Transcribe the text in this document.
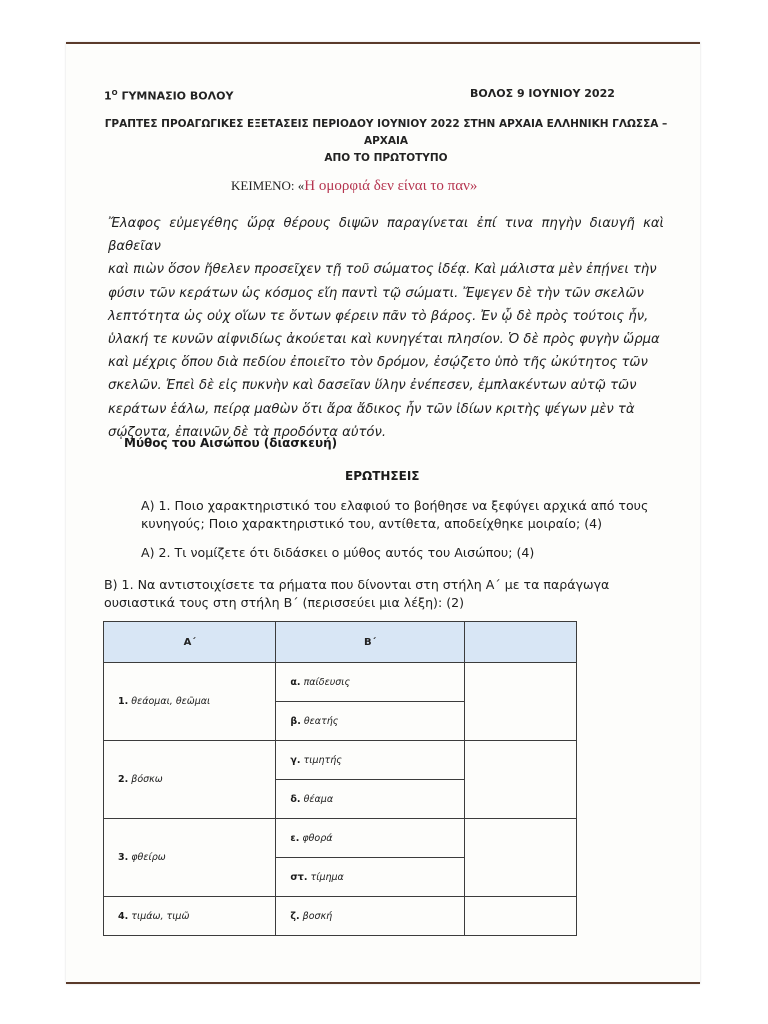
$1^O$ ΓΥΜΝΑΣΙΟ ΒΟΛΟΥ	ΒΟΛΟΣ 9 ΙΟΥΝΙΟΥ 2022
ΓΡΑΠΤΕΣ ΠΡΟΑΓΩΓΙΚΕΣ ΕΞΕΤΑΣΕΙΣ ΠΕΡΙΟΔΟΥ ΙΟΥΝΙΟΥ 2022 ΣΤΗΝ ΑΡΧΑΙΑ ΕΛΛΗΝΙΚΗ ΓΛΩΣΣΑ – ΑΡΧΑΙΑ
ΑΠΟ ΤΟ ΠΡΩΤΟΤΥΠΟ
ΚΕΙΜΕΝΟ: «Η ομορφιά δεν είναι το παν»
Ἔλαφος εὐμεγέθης ὥρᾳ θέρους διψῶν παραγίνεται ἐπί τινα πηγὴν διαυγῆ καὶ βαθεῖαν
καὶ πιὼν ὅσον ἤθελεν προσεῖχεν τῇ τοῦ σώματος ἰδέᾳ. Καὶ μάλιστα μὲν ἐπῄνει τὴν
φύσιν τῶν κεράτων ὡς κόσμος εἴη παντὶ τῷ σώματι. Ἔψεγεν δὲ τὴν τῶν σκελῶν
λεπτότητα ὡς οὐχ οἵων τε ὄντων φέρειν πᾶν τὸ βάρος. Ἐν ᾧ δὲ πρὸς τούτοις ἦν,
ὑλακή τε κυνῶν αἰφνιδίως ἀκούεται καὶ κυνηγέται πλησίον. Ὁ δὲ πρὸς φυγὴν ὥρμα
καὶ μέχρις ὅπου διὰ πεδίου ἐποιεῖτο τὸν δρόμον, ἐσῴζετο ὑπὸ τῆς ὠκύτητος τῶν
σκελῶν. Ἐπεὶ δὲ εἰς πυκνὴν καὶ δασεῖαν ὕλην ἐνέπεσεν, ἐμπλακέντων αὐτῷ τῶν
κεράτων ἑάλω, πείρᾳ μαθὼν ὅτι ἄρα ἄδικος ἦν τῶν ἰδίων κριτὴς ψέγων μὲν τὰ
σῴζοντα, ἐπαινῶν δὲ τὰ προδόντα αὐτόν.
Μύθος του Αισώπου (διασκευή)
ΕΡΩΤΗΣΕΙΣ
Α) 1. Ποιο χαρακτηριστικό του ελαφιού το βοήθησε να ξεφύγει αρχικά από τους
κυνηγούς; Ποιο χαρακτηριστικό του, αντίθετα, αποδείχθηκε μοιραίο; (4)
Α) 2. Τι νομίζετε ότι διδάσκει ο μύθος αυτός του Αισώπου; (4)
Β) 1. Να αντιστοιχίσετε τα ρήματα που δίνονται στη στήλη Α΄ με τα παράγωγα
ουσιαστικά τους στη στήλη Β΄ (περισσεύει μια λέξη): (2)
Α΄	Β΄	
1. θεάομαι, θεῶμαι	α. παίδευσις	
	β. θεατής	
2. βόσκω	γ. τιμητής	
	δ. θέαμα	
3. φθείρω	ε. φθορά	
	στ. τίμημα	
4. τιμάω, τιμῶ	ζ. βοσκή	
